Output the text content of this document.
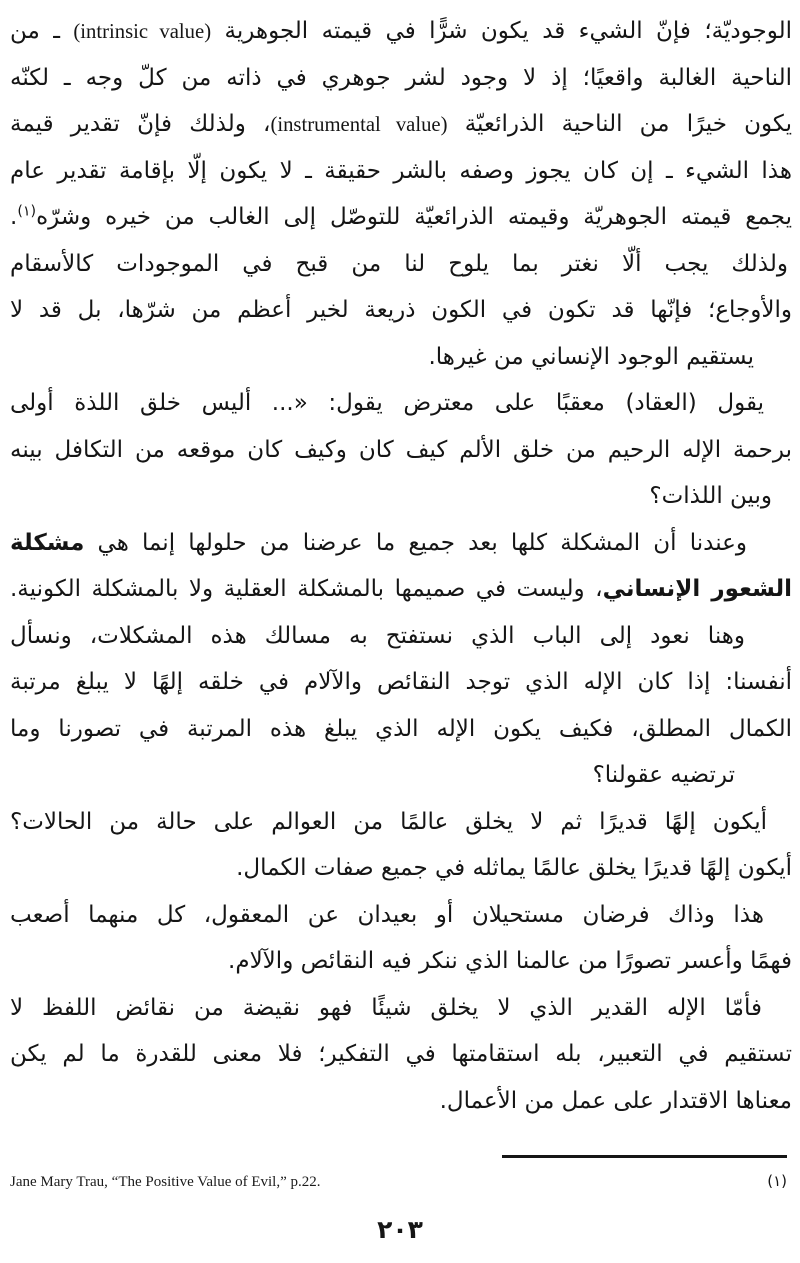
الوجوديّة؛ فإنّ الشيء قد يكون شرًّا في قيمته الجوهرية (intrinsic value) ـ من
الناحية الغالبة واقعيًا؛ إذ لا وجود لشر جوهري في ذاته من كلّ وجه ـ لكنّه
يكون خيرًا من الناحية الذرائعيّة (instrumental value)، ولذلك فإنّ تقدير قيمة
هذا الشيء ـ إن كان يجوز وصفه بالشر حقيقة ـ لا يكون إلّا بإقامة تقدير عام
يجمع قيمته الجوهريّة وقيمته الذرائعيّة للتوصّل إلى الغالب من خيره وشرّه$^{(١)}$.
ولذلك يجب ألّا نغتر بما يلوح لنا من قبح في الموجودات كالأسقام
والأوجاع؛ فإنّها قد تكون في الكون ذريعة لخير أعظم من شرّها، بل قد لا
يستقيم الوجود الإنساني من غيرها.
يقول (العقاد) معقبًا على معترض يقول: «... أليس خلق اللذة أولى
برحمة الإله الرحيم من خلق الألم كيف كان وكيف كان موقعه من التكافل بينه
وبين اللذات؟
وعندنا أن المشكلة كلها بعد جميع ما عرضنا من حلولها إنما هي مشكلة
الشعور الإنساني، وليست في صميمها بالمشكلة العقلية ولا بالمشكلة الكونية.
وهنا نعود إلى الباب الذي نستفتح به مسالك هذه المشكلات، ونسأل
أنفسنا: إذا كان الإله الذي توجد النقائص والآلام في خلقه إلهًا لا يبلغ مرتبة
الكمال المطلق، فكيف يكون الإله الذي يبلغ هذه المرتبة في تصورنا وما
ترتضيه عقولنا؟
أيكون إلهًا قديرًا ثم لا يخلق عالمًا من العوالم على حالة من الحالات؟
أيكون إلهًا قديرًا يخلق عالمًا يماثله في جميع صفات الكمال.
هذا وذاك فرضان مستحيلان أو بعيدان عن المعقول، كل منهما أصعب
فهمًا وأعسر تصورًا من عالمنا الذي ننكر فيه النقائص والآلام.
فأمّا الإله القدير الذي لا يخلق شيئًا فهو نقيضة من نقائض اللفظ لا
تستقيم في التعبير، بله استقامتها في التفكير؛ فلا معنى للقدرة ما لم يكن
معناها الاقتدار على عمل من الأعمال.
Jane Mary Trau, “The Positive Value of Evil,” p.22.	(١)
٢٠٣
